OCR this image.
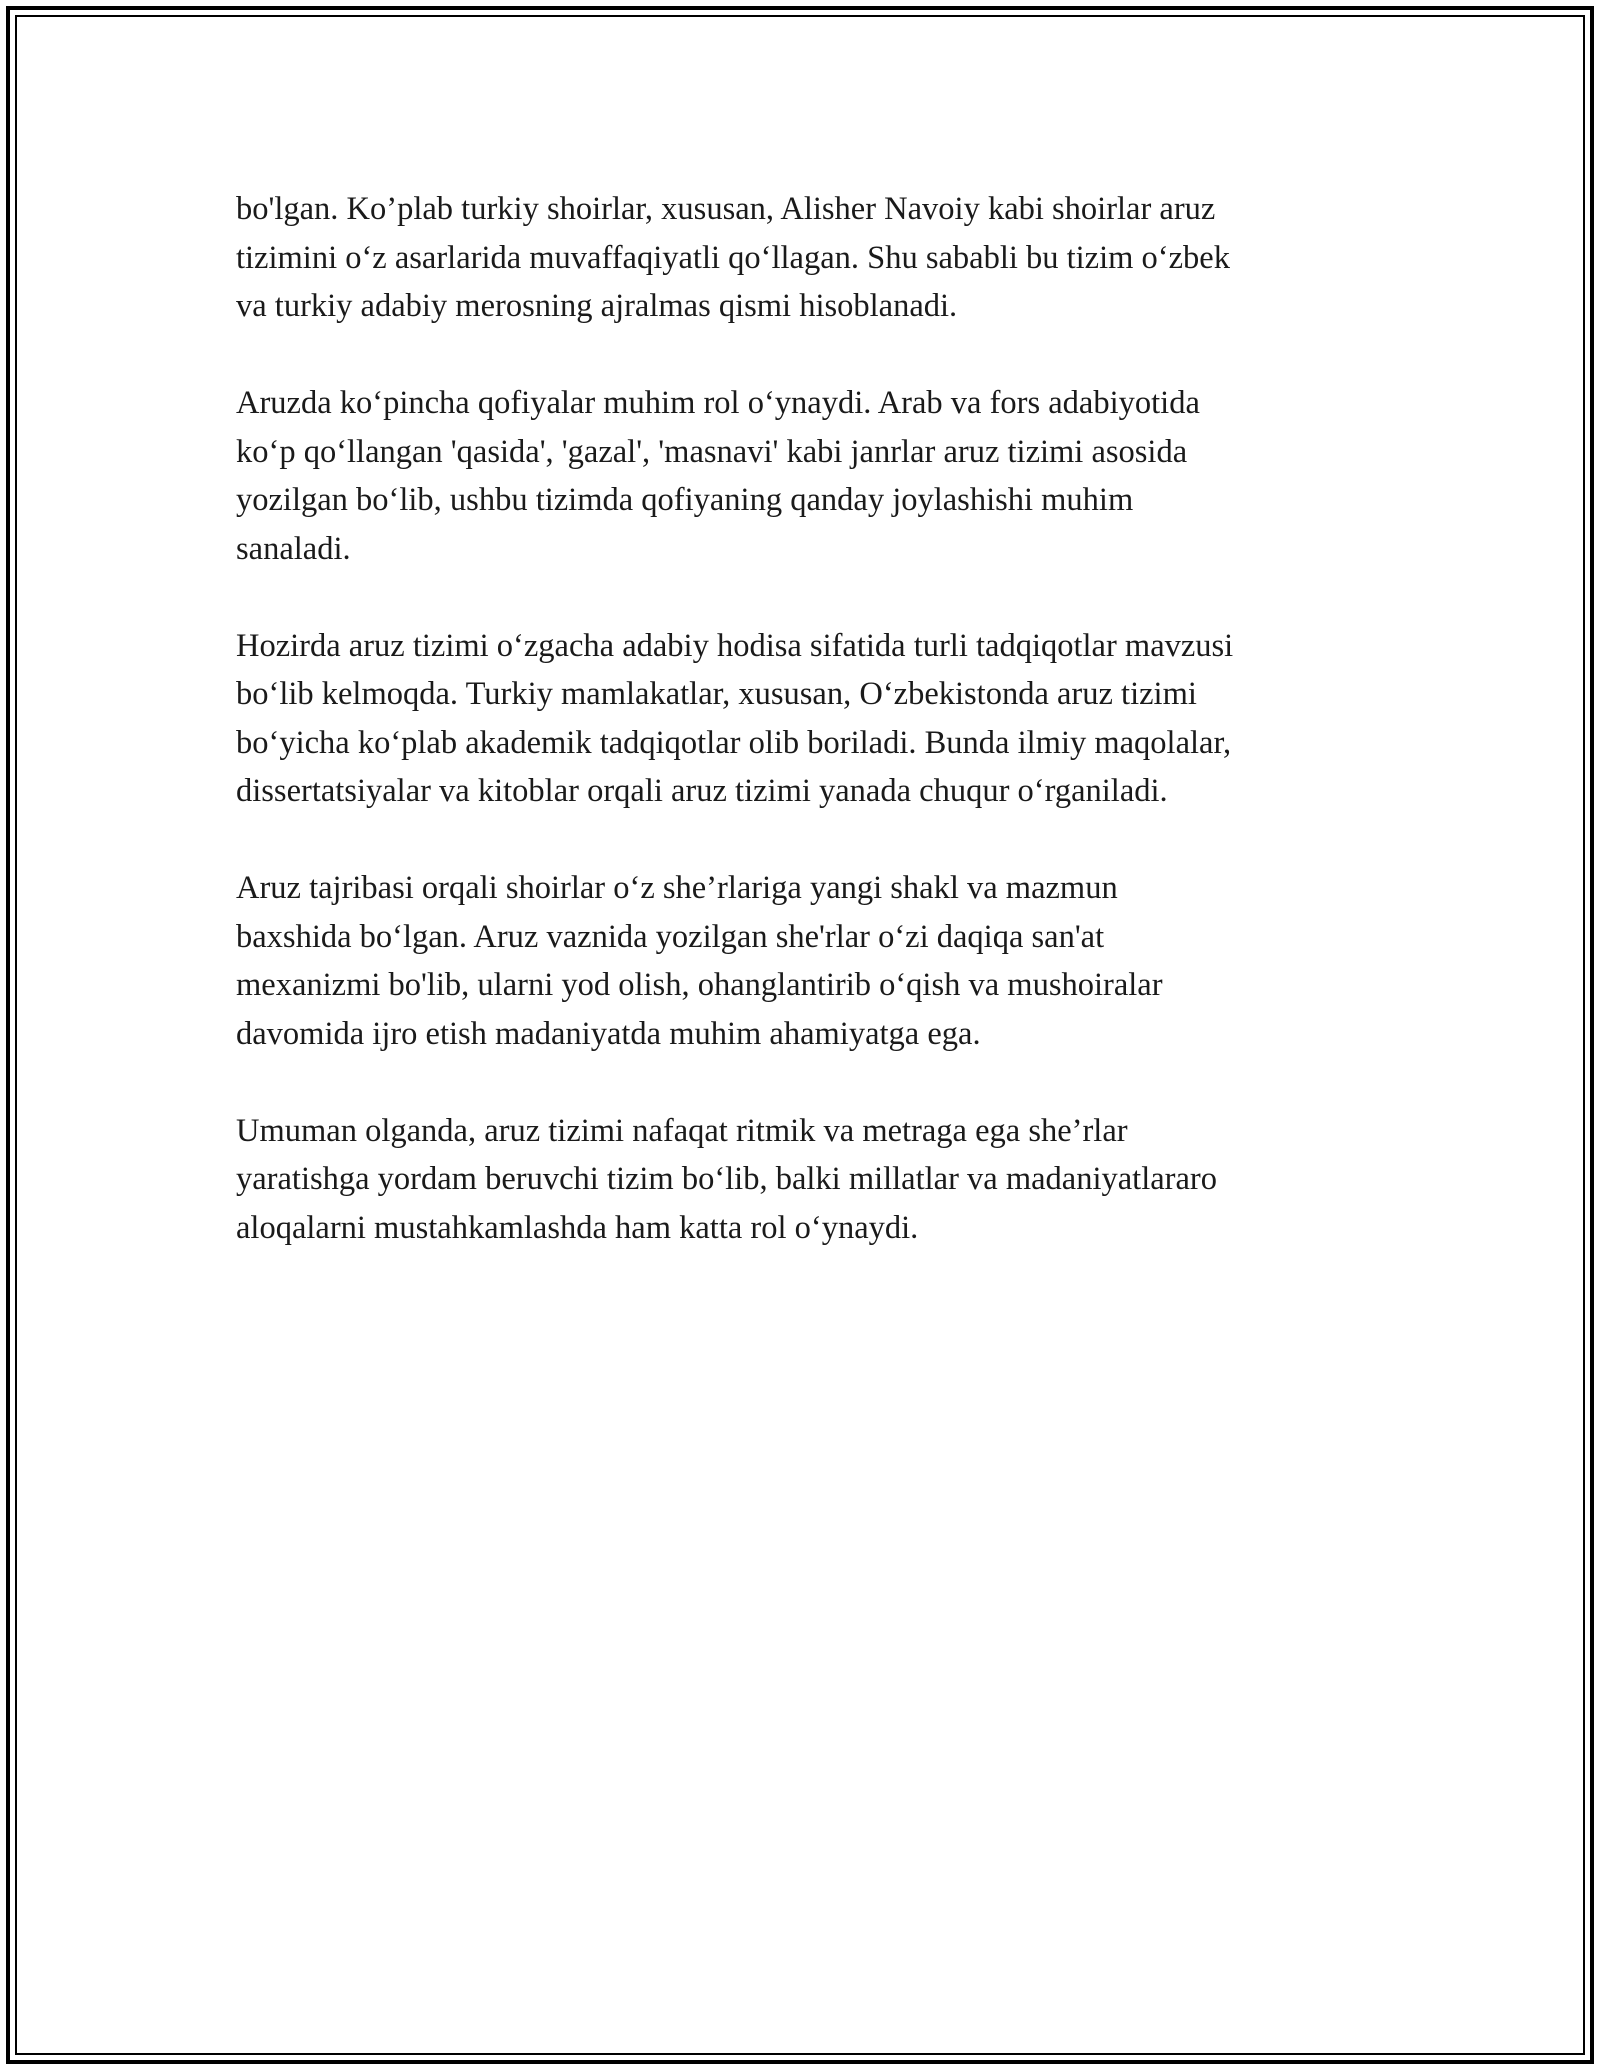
bo'lgan. Ko’plab turkiy shoirlar, xususan, Alisher Navoiy kabi shoirlar aruz
tizimini o‘z asarlarida muvaffaqiyatli qo‘llagan. Shu sababli bu tizim o‘zbek
va turkiy adabiy merosning ajralmas qismi hisoblanadi.

Aruzda ko‘pincha qofiyalar muhim rol o‘ynaydi. Arab va fors adabiyotida
ko‘p qo‘llangan 'qasida', 'gazal', 'masnavi' kabi janrlar aruz tizimi asosida
yozilgan bo‘lib, ushbu tizimda qofiyaning qanday joylashishi muhim
sanaladi.

Hozirda aruz tizimi o‘zgacha adabiy hodisa sifatida turli tadqiqotlar mavzusi
bo‘lib kelmoqda. Turkiy mamlakatlar, xususan, O‘zbekistonda aruz tizimi
bo‘yicha ko‘plab akademik tadqiqotlar olib boriladi. Bunda ilmiy maqolalar,
dissertatsiyalar va kitoblar orqali aruz tizimi yanada chuqur o‘rganiladi.

Aruz tajribasi orqali shoirlar o‘z she’rlariga yangi shakl va mazmun
baxshida bo‘lgan. Aruz vaznida yozilgan she'rlar o‘zi daqiqa san'at
mexanizmi bo'lib, ularni yod olish, ohanglantirib o‘qish va mushoiralar
davomida ijro etish madaniyatda muhim ahamiyatga ega.

Umuman olganda, aruz tizimi nafaqat ritmik va metraga ega she’rlar
yaratishga yordam beruvchi tizim bo‘lib, balki millatlar va madaniyatlararo
aloqalarni mustahkamlashda ham katta rol o‘ynaydi.
